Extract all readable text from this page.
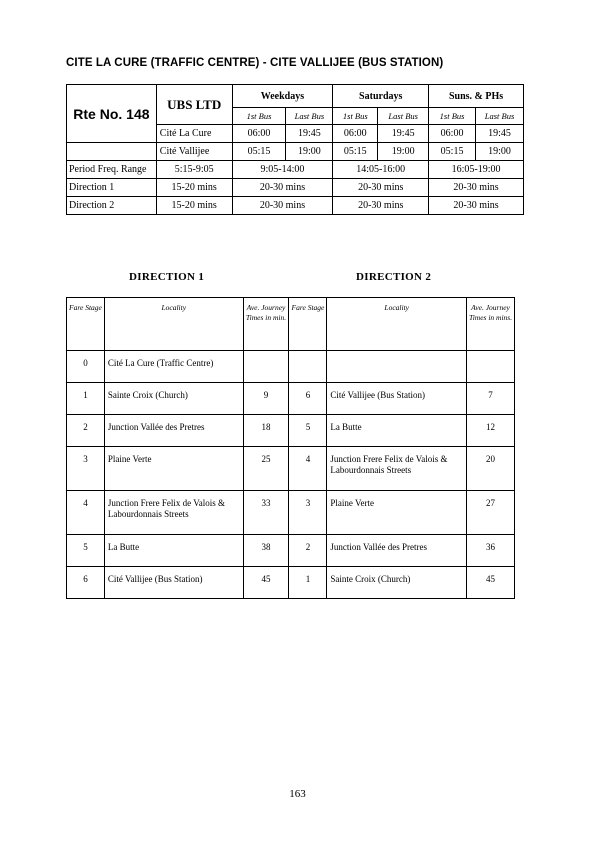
CITE LA CURE (TRAFFIC CENTRE) - CITE VALLIJEE (BUS STATION)
Rte No. 148	UBS LTD	Weekdays		Saturdays		Suns. & PHs	
		1st Bus	Last Bus	1st Bus	Last Bus	1st Bus	Last Bus
	Cité La Cure	06:00	19:45	06:00	19:45	06:00	19:45
	Cité Vallijee	05:15	19:00	05:15	19:00	05:15	19:00
Period Freq. Range	5:15-9:05	9:05-14:00		14:05-16:00		16:05-19:00	
Direction 1	15-20 mins	20-30 mins		20-30 mins		20-30 mins	
Direction 2	15-20 mins	20-30 mins		20-30 mins		20-30 mins	
DIRECTION 1	DIRECTION 2
Fare Stage	Locality	Ave. Journey Times in min.	Fare Stage	Locality	Ave. Journey Times in mins.
0	Cité La Cure (Traffic Centre)				
1	Sainte Croix (Church)	9	6	Cité Vallijee (Bus Station)	7
2	Junction Vallée des Pretres	18	5	La Butte	12
3	Plaine Verte	25	4	Junction Frere Felix de Valois & Labourdonnais Streets	20
4	Junction Frere Felix de Valois & Labourdonnais Streets	33	3	Plaine Verte	27
5	La Butte	38	2	Junction Vallée des Pretres	36
6	Cité Vallijee (Bus Station)	45	1	Sainte Croix (Church)	45
163
